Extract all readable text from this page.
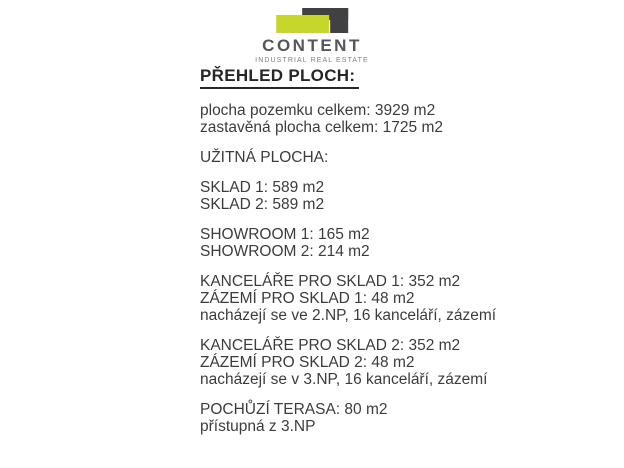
CONTENT
INDUSTRIAL REAL ESTATE
PŘEHLED PLOCH:

plocha pozemku celkem: 3929 m2

zastavěná plocha celkem: 1725 m2

UŽITNÁ PLOCHA:

SKLAD 1: 589 m2

SKLAD 2: 589 m2

SHOWROOM 1: 165 m2

SHOWROOM 2: 214 m2

KANCELÁŘE PRO SKLAD 1: 352 m2

ZÁZEMÍ PRO SKLAD 1: 48 m2

nacházejí se ve 2.NP, 16 kanceláří, zázemí

KANCELÁŘE PRO SKLAD 2: 352 m2

ZÁZEMÍ PRO SKLAD 2: 48 m2

nacházejí se v 3.NP, 16 kanceláří, zázemí

POCHŮZÍ TERASA: 80 m2

přístupná z 3.NP
